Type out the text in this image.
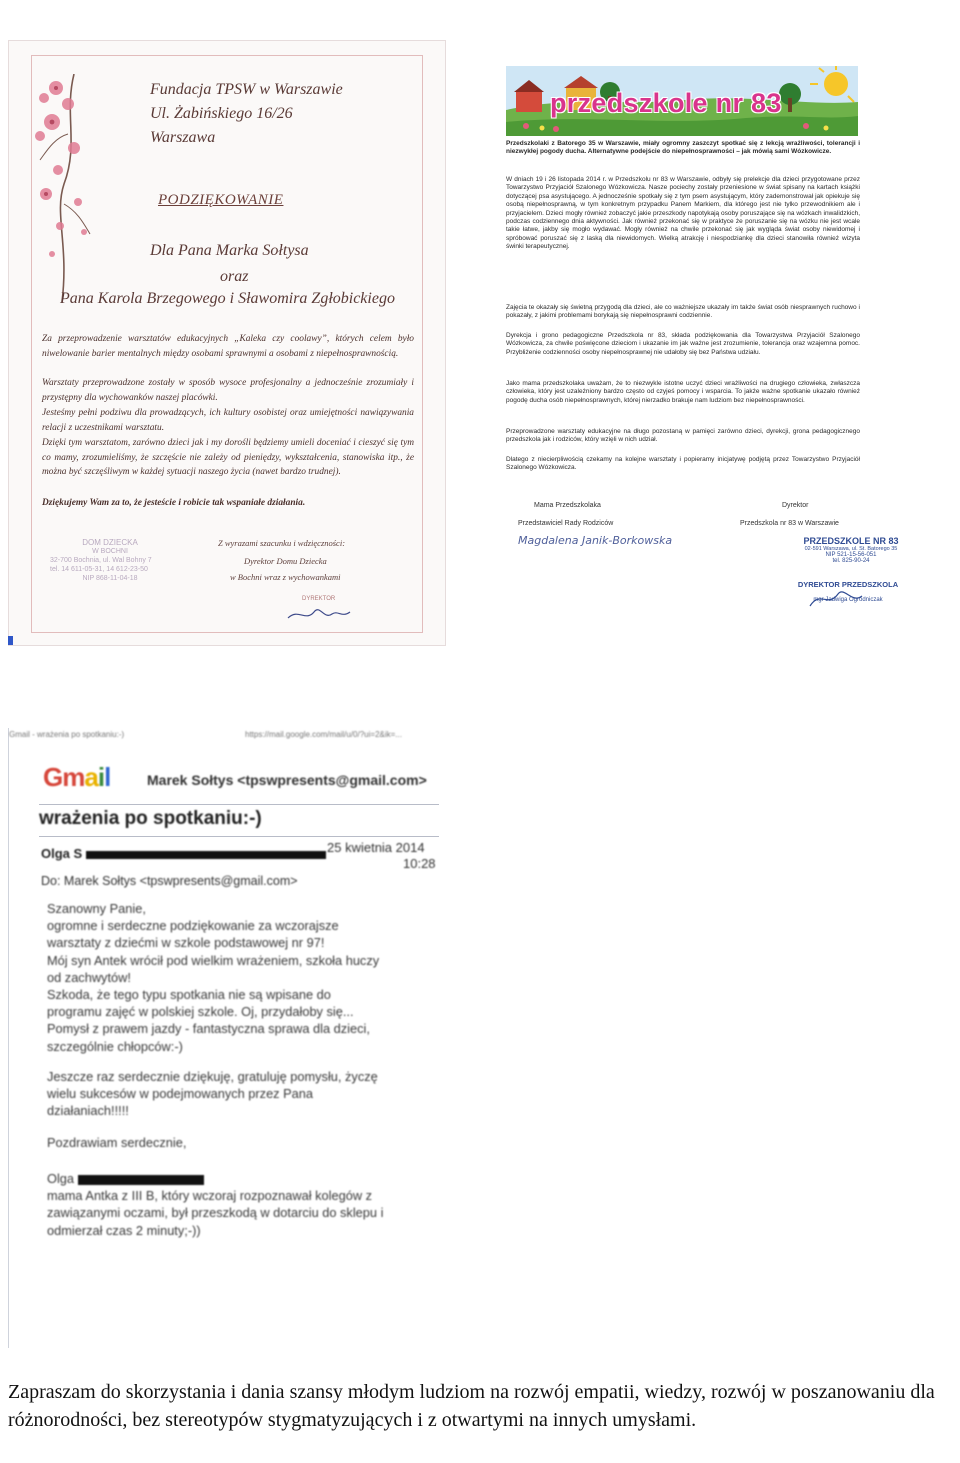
Fundacja TPSW w Warszawie
Ul. Żabińskiego 16/26
Warszawa
PODZIĘKOWANIE
Dla Pana Marka Sołtysa
oraz
Pana Karola Brzegowego i Sławomira Zgłobickiego
Za przeprowadzenie warsztatów edukacyjnych „Kaleka czy coolawy”, których celem było niwelowanie barier mentalnych między osobami sprawnymi a osobami z niepełnosprawnością.
Warsztaty przeprowadzone zostały w sposób wysoce profesjonalny a jednocześnie zrozumiały i przystępny dla wychowanków naszej placówki.
Jesteśmy pełni podziwu dla prowadzących, ich kultury osobistej oraz umiejętności nawiązywania relacji z uczestnikami warsztatu.
Dzięki tym warsztatom, zarówno dzieci jak i my dorośli będziemy umieli doceniać i cieszyć się tym co mamy, zrozumieliśmy, że szczęście nie zależy od pieniędzy, wykształcenia, stanowiska itp., że można być szczęśliwym w każdej sytuacji naszego życia (nawet bardzo trudnej).
Dziękujemy Wam za to, że jesteście i robicie tak wspaniałe działania.
DOM DZIECKA
W BOCHNI
32-700 Bochnia, ul. Wal Bohny 7
tel. 14 611-05-31, 14 612-23-50
NIP 868-11-04-18
Z wyrazami szacunku i wdzięczności:
Dyrektor Domu Dziecka
w Bochni wraz z wychowankami
DYREKTOR
przedszkole nr 83
Przedszkolaki z Batorego 35 w Warszawie, miały ogromny zaszczyt spotkać się z lekcją wrażliwości, tolerancji i niezwykłej pogody ducha. Alternatywne podejście do niepełnosprawności – jak mówią sami Wózkowicze.
W dniach 19 i 26 listopada 2014 r. w Przedszkolu nr 83 w Warszawie, odbyły się prelekcje dla dzieci przygotowane przez Towarzystwo Przyjaciół Szalonego Wózkowicza. Nasze pociechy zostały przeniesione w świat spisany na kartach książki dotyczącej psa asystującego. A jednocześnie spotkały się z tym psem asystującym, który zademonstrował jak opiekuje się osobą niepełnosprawną, w tym konkretnym przypadku Panem Markiem, dla którego jest nie tylko przewodnikiem ale i przyjacielem. Dzieci mogły również zobaczyć jakie przeszkody napotykają osoby poruszające się na wózkach inwalidzkich, podczas codziennego dnia aktywności. Jak również przekonać się w praktyce że poruszanie się na wózku nie jest wcale takie łatwe, jakby się mogło wydawać. Mogły również na chwile przekonać się jak wygląda świat osoby niewidomej i spróbować poruszać się z laską dla niewidomych. Wielką atrakcję i niespodziankę dla dzieci stanowiła również wizyta świnki terapeutycznej.
Zajęcia te okazały się świetną przygodą dla dzieci, ale co ważniejsze ukazały im także świat osób niesprawnych ruchowo i pokazały, z jakimi problemami borykają się niepełnosprawni codziennie.
Dyrekcja i grono pedagogiczne Przedszkola nr 83, składa podziękowania dla Towarzystwa Przyjaciół Szalonego Wózkowicza, za chwile poświęcone dzieciom i ukazanie im jak ważne jest zrozumienie, tolerancja oraz wzajemna pomoc. Przybliżenie codzienności osoby niepełnosprawnej nie udałoby się bez Państwa udziału.
Jako mama przedszkolaka uważam, że to niezwykle istotne uczyć dzieci wrażliwości na drugiego człowieka, zwłaszcza człowieka, który jest uzależniony bardzo często od czyjeś pomocy i wsparcia. To jakże ważne spotkanie ukazało również pogodę ducha osób niepełnosprawnych, której nierzadko brakuje nam ludziom bez niepełnosprawności.
Przeprowadzone warsztaty edukacyjne na długo pozostaną w pamięci zarówno dzieci, dyrekcji, grona pedagogicznego przedszkola jak i rodziców, który wzięli w nich udział.
Dlatego z niecierpliwością czekamy na kolejne warsztaty i popieramy inicjatywę podjętą przez Towarzystwo Przyjaciół Szalonego Wózkowicza.
Mama Przedszkolaka
Przedstawiciel Rady Rodziców
Magdalena Janik-Borkowska
Dyrektor
Przedszkola nr 83 w Warszawie
PRZEDSZKOLE NR 83
02-591 Warszawa, ul. St. Batorego 35
NIP 521-15-56-051
tel. 825-90-24
DYREKTOR PRZEDSZKOLA
mgr Jadwiga Ogrodniczak
Gmail - wrażenia po spotkaniu:-)	https://mail.google.com/mail/u/0/?ui=2&ik=...
Gmail	Marek Sołtys <tpswpresents@gmail.com>
wrażenia po spotkaniu:-)
Olga S	25 kwietnia 2014
10:28
Do: Marek Sołtys <tpswpresents@gmail.com>
Szanowny Panie,
ogromne i serdeczne podziękowanie za wczorajsze
warsztaty z dziećmi w szkole podstawowej nr 97!
Mój syn Antek wrócił pod wielkim wrażeniem, szkoła huczy
od zachwytów!
Szkoda, że tego typu spotkania nie są wpisane do
programu zajęć w polskiej szkole. Oj, przydałoby się...
Pomysł z prawem jazdy - fantastyczna sprawa dla dzieci,
szczególnie chłopców:-)
Jeszcze raz serdecznie dziękuję, gratuluję pomysłu, życzę
wielu sukcesów w podejmowanych przez Pana
działaniach!!!!!
Pozdrawiam serdecznie,
Olga
mama Antka z III B, który wczoraj rozpoznawał kolegów z
zawiązanymi oczami, był przeszkodą w dotarciu do sklepu i
odmierzał czas 2 minuty;-))
Zapraszam do skorzystania i dania szansy młodym ludziom na rozwój empatii, wiedzy, rozwój w poszanowaniu dla różnorodności, bez stereotypów stygmatyzujących i z otwartymi na innych umysłami.
